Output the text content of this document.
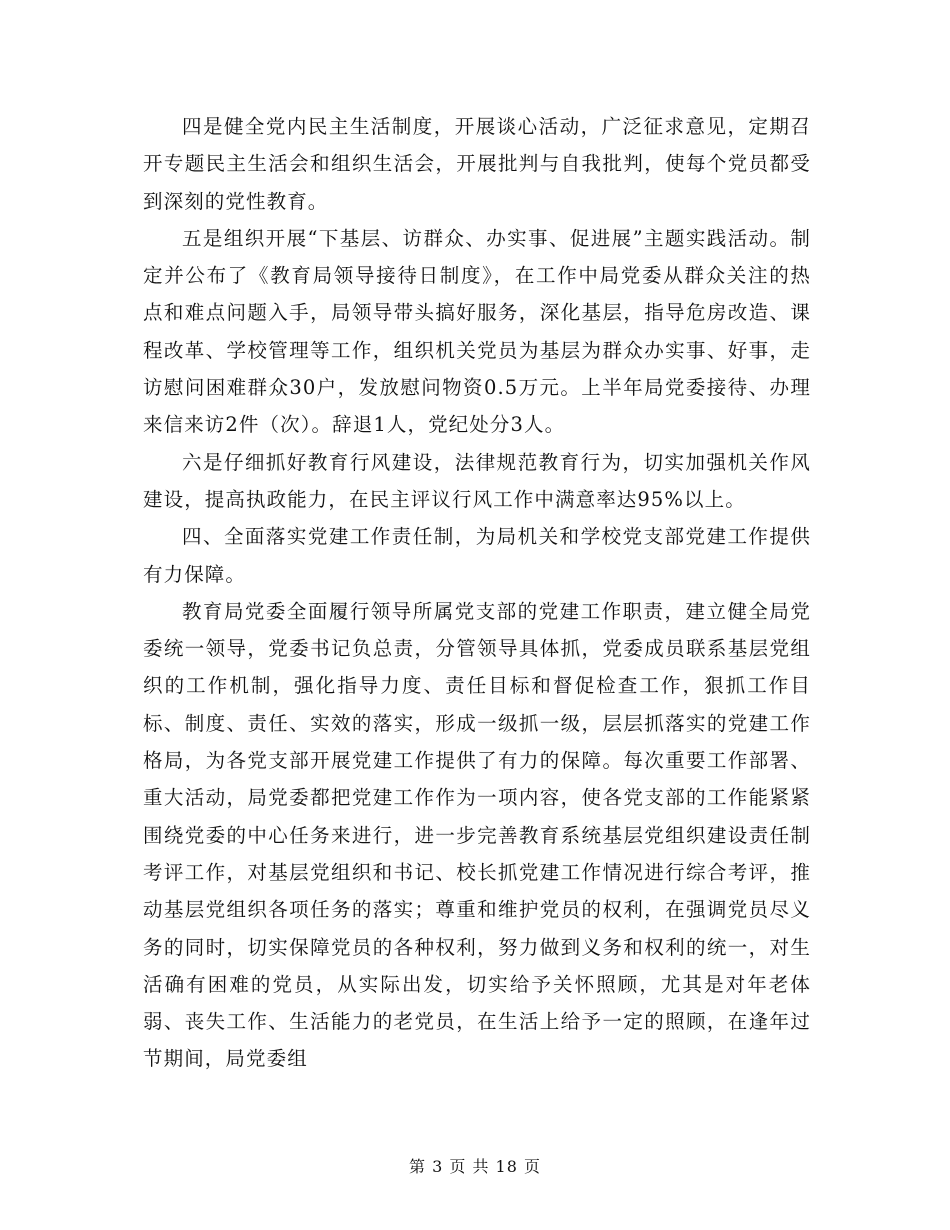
四是健全党内民主生活制度，开展谈心活动，广泛征求意见，定期召开专题民主生活会和组织生活会，开展批判与自我批判，使每个党员都受到深刻的党性教育。

五是组织开展“下基层、访群众、办实事、促进展”主题实践活动。制定并公布了《教育局领导接待日制度》，在工作中局党委从群众关注的热点和难点问题入手，局领导带头搞好服务，深化基层，指导危房改造、课程改革、学校管理等工作，组织机关党员为基层为群众办实事、好事，走访慰问困难群众30户，发放慰问物资0.5万元。上半年局党委接待、办理来信来访2件（次）。辞退1人，党纪处分3人。

六是仔细抓好教育行风建设，法律规范教育行为，切实加强机关作风建设，提高执政能力，在民主评议行风工作中满意率达95%以上。

四、全面落实党建工作责任制，为局机关和学校党支部党建工作提供有力保障。

教育局党委全面履行领导所属党支部的党建工作职责，建立健全局党委统一领导，党委书记负总责，分管领导具体抓，党委成员联系基层党组织的工作机制，强化指导力度、责任目标和督促检查工作，狠抓工作目标、制度、责任、实效的落实，形成一级抓一级，层层抓落实的党建工作格局，为各党支部开展党建工作提供了有力的保障。每次重要工作部署、重大活动，局党委都把党建工作作为一项内容，使各党支部的工作能紧紧围绕党委的中心任务来进行，进一步完善教育系统基层党组织建设责任制考评工作，对基层党组织和书记、校长抓党建工作情况进行综合考评，推动基层党组织各项任务的落实；尊重和维护党员的权利，在强调党员尽义务的同时，切实保障党员的各种权利，努力做到义务和权利的统一，对生活确有困难的党员，从实际出发，切实给予关怀照顾，尤其是对年老体弱、丧失工作、生活能力的老党员，在生活上给予一定的照顾，在逢年过节期间，局党委组

第 3 页 共 18 页
